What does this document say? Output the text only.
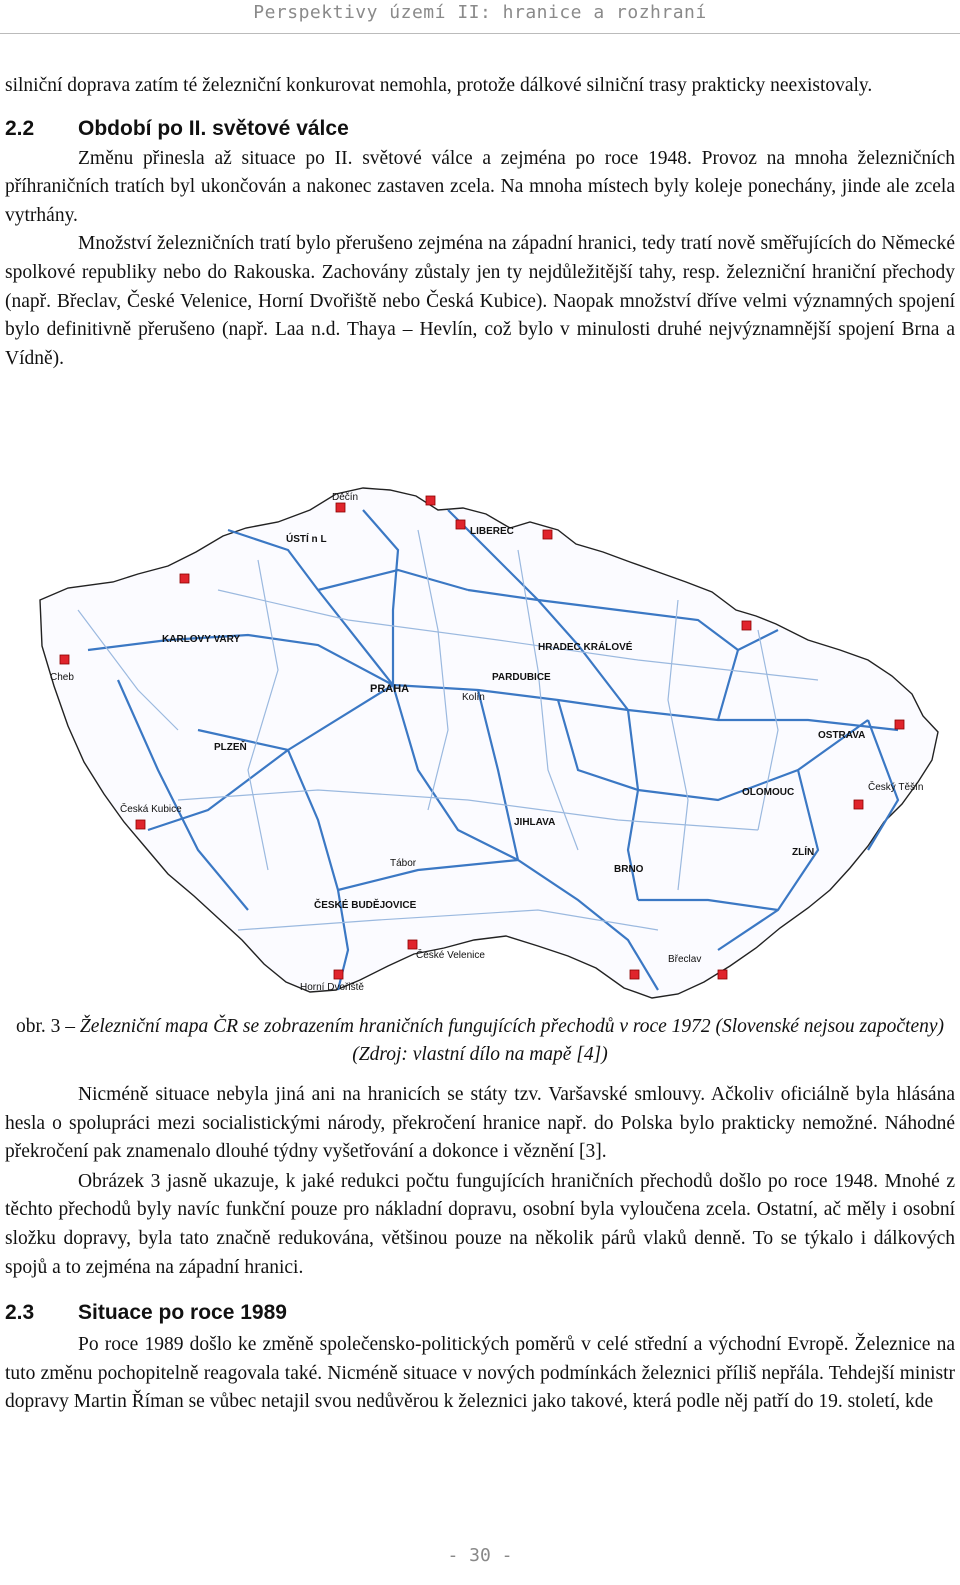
Perspektivy území II: hranice a rozhraní

silniční doprava zatím té železniční konkurovat nemohla, protože dálkové silniční trasy prakticky neexistovaly.

2.2 Období po II. světové válce

Změnu přinesla až situace po II. světové válce a zejména po roce 1948. Provoz na mnoha železničních příhraničních tratích byl ukončován a nakonec zastaven zcela. Na mnoha místech byly koleje ponechány, jinde ale zcela vytrhány.

Množství železničních tratí bylo přerušeno zejména na západní hranici, tedy tratí nově směřujících do Německé spolkové republiky nebo do Rakouska. Zachovány zůstaly jen ty nejdůležitější tahy, resp. železniční hraniční přechody (např. Břeclav, České Velenice, Horní Dvořiště nebo Česká Kubice). Naopak množství dříve velmi významných spojení bylo definitivně přerušeno (např. Laa n.d. Thaya – Hevlín, což bylo v minulosti druhé nejvýznamnější spojení Brna a Vídně).

ÚSTÍ n L
LIBEREC
KARLOVY VARY
PRAHA
PARDUBICE
HRADEC KRÁLOVÉ
PLZEŇ
JIHLAVA
ČESKÉ BUDĚJOVICE
BRNO
OLOMOUC
OSTRAVA
ZLÍN
Cheb
Kolín
Břeclav
Tábor
Česká Kubice
České Velenice
Horní Dvořiště
Děčín
Český Těšín
obr. 3 – Železniční mapa ČR se zobrazením hraničních fungujících přechodů v roce 1972 (Slovenské nejsou započteny) (Zdroj: vlastní dílo na mapě [4])

Nicméně situace nebyla jiná ani na hranicích se státy tzv. Varšavské smlouvy. Ačkoliv oficiálně byla hlásána hesla o spolupráci mezi socialistickými národy, překročení hranice např. do Polska bylo prakticky nemožné. Náhodné překročení pak znamenalo dlouhé týdny vyšetřování a dokonce i věznění [3].

Obrázek 3 jasně ukazuje, k jaké redukci počtu fungujících hraničních přechodů došlo po roce 1948. Mnohé z těchto přechodů byly navíc funkční pouze pro nákladní dopravu, osobní byla vyloučena zcela. Ostatní, ač měly i osobní složku dopravy, byla tato značně redukována, většinou pouze na několik párů vlaků denně. To se týkalo i dálkových spojů a to zejména na západní hranici.

2.3 Situace po roce 1989

Po roce 1989 došlo ke změně společensko-politických poměrů v celé střední a východní Evropě. Železnice na tuto změnu pochopitelně reagovala také. Nicméně situace v nových podmínkách železnici příliš nepřála. Tehdejší ministr dopravy Martin Říman se vůbec netajil svou nedůvěrou k železnici jako takové, která podle něj patří do 19. století, kde

- 30 -
